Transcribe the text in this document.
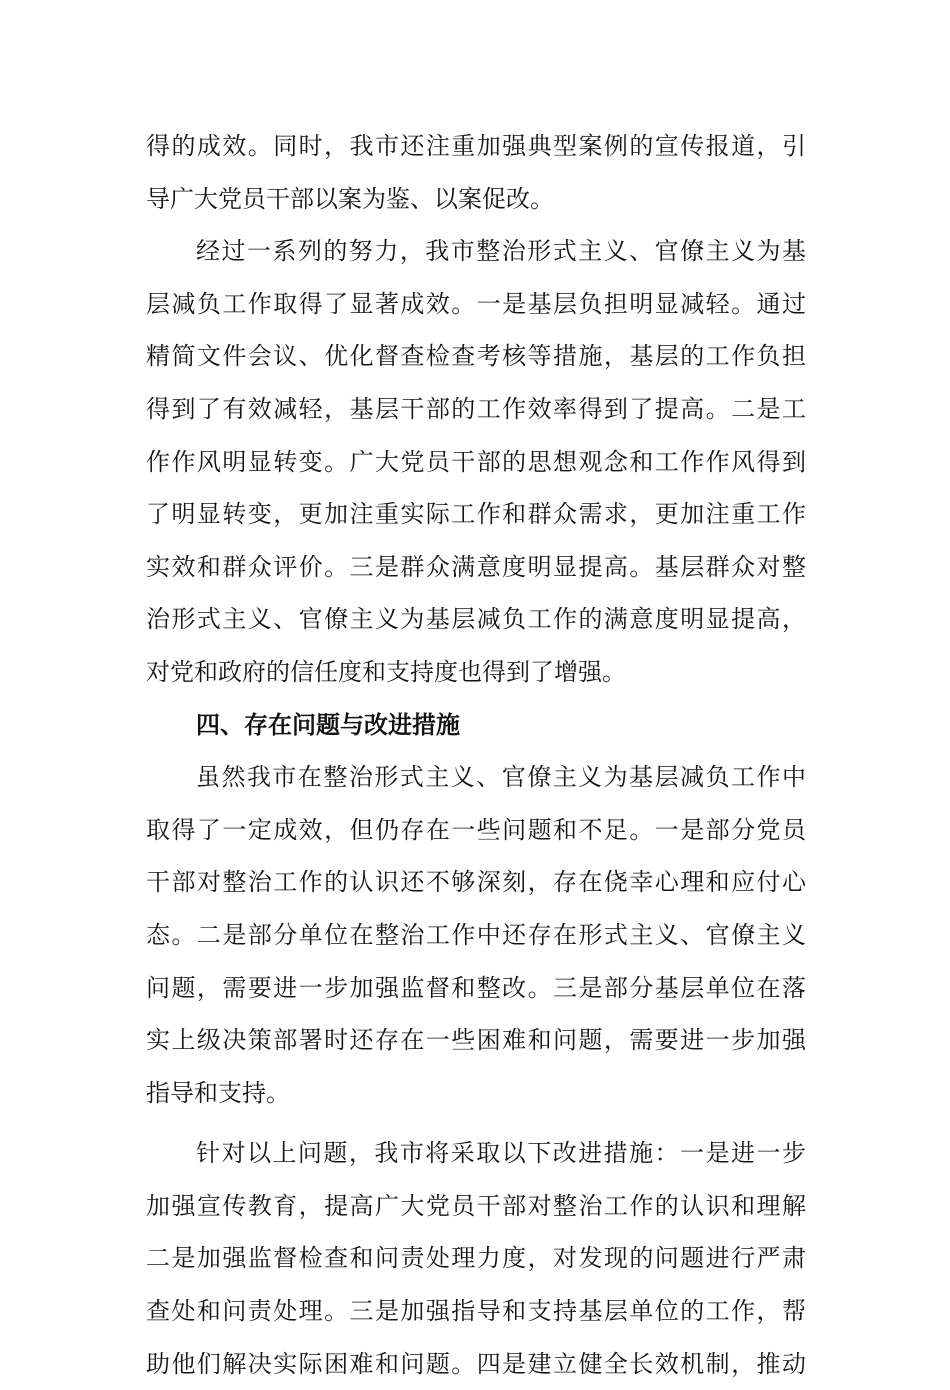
得的成效。同时，我市还注重加强典型案例的宣传报道，引
导广大党员干部以案为鉴、以案促改。
经过一系列的努力，我市整治形式主义、官僚主义为基
层减负工作取得了显著成效。一是基层负担明显减轻。通过
精简文件会议、优化督查检查考核等措施，基层的工作负担
得到了有效减轻，基层干部的工作效率得到了提高。二是工
作作风明显转变。广大党员干部的思想观念和工作作风得到
了明显转变，更加注重实际工作和群众需求，更加注重工作
实效和群众评价。三是群众满意度明显提高。基层群众对整
治形式主义、官僚主义为基层减负工作的满意度明显提高，
对党和政府的信任度和支持度也得到了增强。
四、存在问题与改进措施
虽然我市在整治形式主义、官僚主义为基层减负工作中
取得了一定成效，但仍存在一些问题和不足。一是部分党员
干部对整治工作的认识还不够深刻，存在侥幸心理和应付心
态。二是部分单位在整治工作中还存在形式主义、官僚主义
问题，需要进一步加强监督和整改。三是部分基层单位在落
实上级决策部署时还存在一些困难和问题，需要进一步加强
指导和支持。
针对以上问题，我市将采取以下改进措施：一是进一步
加强宣传教育，提高广大党员干部对整治工作的认识和理解
二是加强监督检查和问责处理力度，对发现的问题进行严肃
查处和问责处理。三是加强指导和支持基层单位的工作，帮
助他们解决实际困难和问题。四是建立健全长效机制，推动
